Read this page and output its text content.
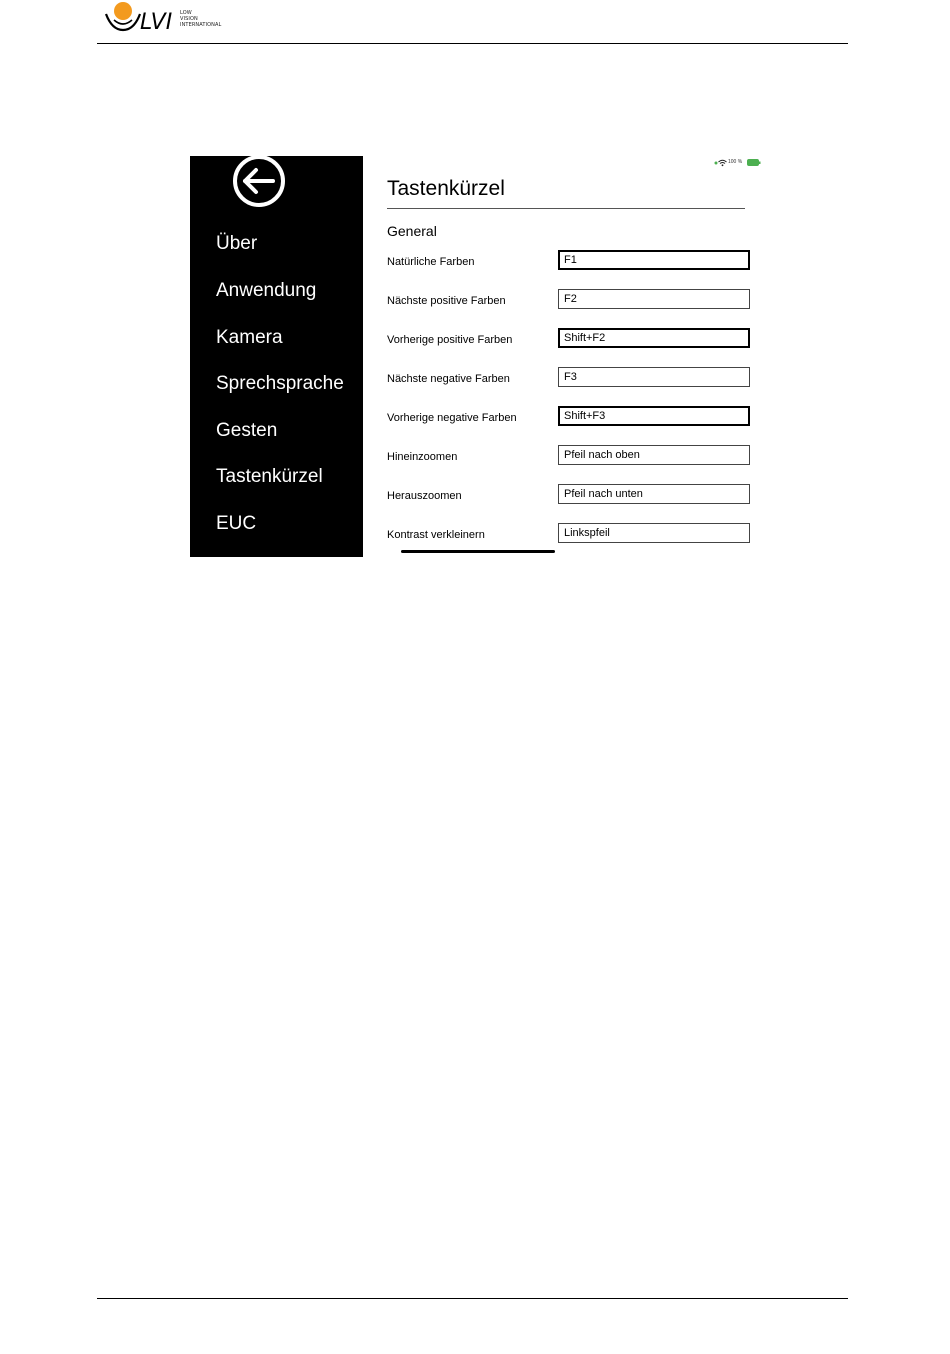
LVI LOW
VISION
INTERNATIONAL
Über
Anwendung
Kamera
Sprechsprache
Gesten
Tastenkürzel
EUC
100 %
Tastenkürzel
General
Natürliche Farben	F1
Nächste positive Farben	F2
Vorherige positive Farben	Shift+F2
Nächste negative Farben	F3
Vorherige negative Farben	Shift+F3
Hineinzoomen	Pfeil nach oben
Herauszoomen	Pfeil nach unten
Kontrast verkleinern	Linkspfeil
